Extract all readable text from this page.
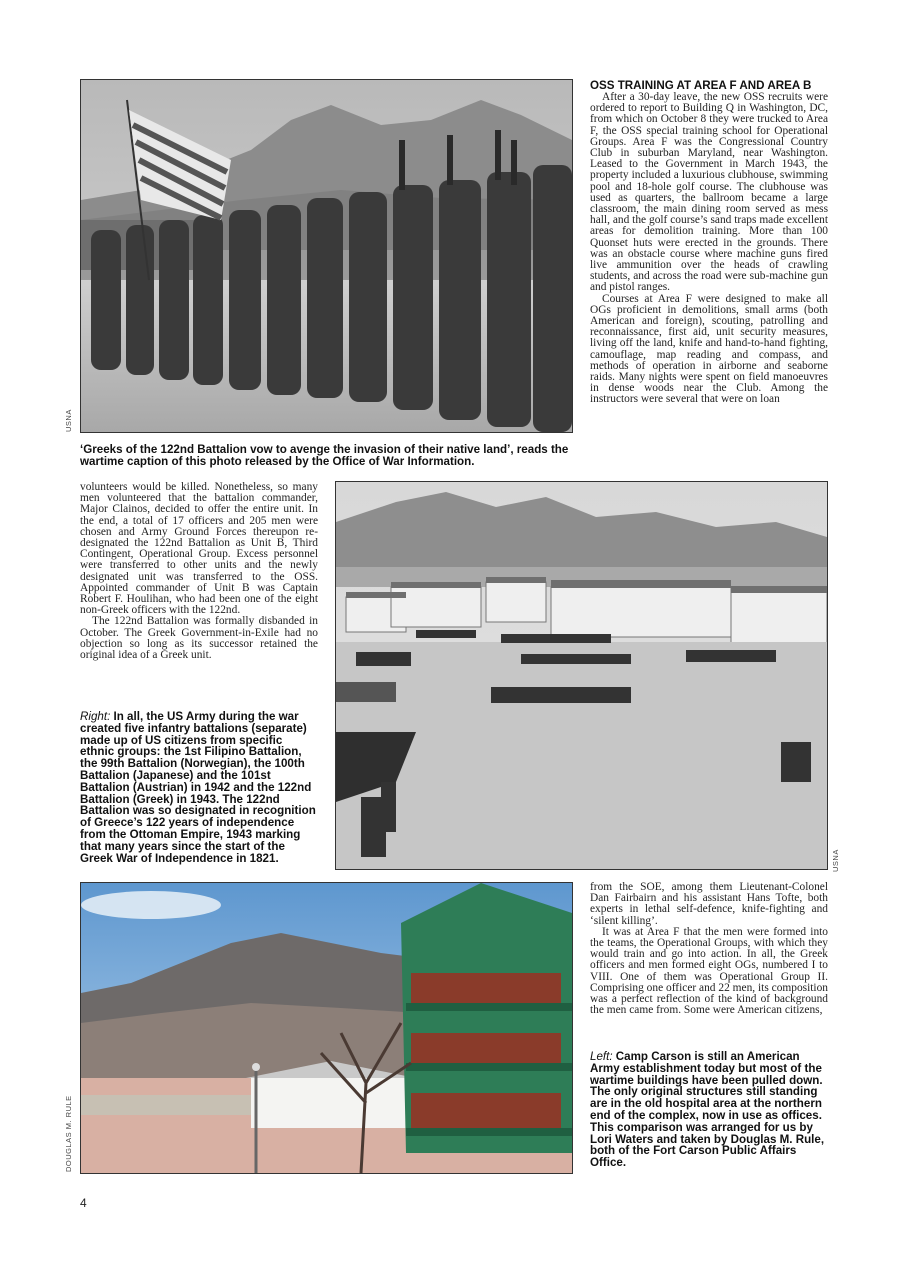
USNA
‘Greeks of the 122nd Battalion vow to avenge the invasion of their native land’, reads the wartime caption of this photo released by the Office of War Information.
OSS TRAINING AT AREA F AND AREA B

After a 30-day leave, the new OSS recruits were ordered to report to Building Q in Washington, DC, from which on October 8 they were trucked to Area F, the OSS special training school for Operational Groups. Area F was the Congressional Country Club in suburban Maryland, near Washington. Leased to the Government in March 1943, the property included a luxurious clubhouse, swimming pool and 18-hole golf course. The clubhouse was used as quarters, the ballroom became a large classroom, the main dining room served as mess hall, and the golf course’s sand traps made excellent areas for demolition training. More than 100 Quonset huts were erected in the grounds. There was an obstacle course where machine guns fired live ammunition over the heads of crawling students, and across the road were sub-machine gun and pistol ranges.

Courses at Area F were designed to make all OGs proficient in demolitions, small arms (both American and foreign), scouting, patrolling and reconnaissance, first aid, unit security measures, living off the land, knife and hand-to-hand fighting, camouflage, map reading and compass, and methods of operation in airborne and seaborne raids. Many nights were spent on field manoeuvres in dense woods near the Club. Among the instructors were several that were on loan

volunteers would be killed. Nonetheless, so many men volunteered that the battalion commander, Major Clainos, decided to offer the entire unit. In the end, a total of 17 officers and 205 men were chosen and Army Ground Forces thereupon re-designated the 122nd Battalion as Unit B, Third Contingent, Operational Group. Excess personnel were transferred to other units and the newly designated unit was transferred to the OSS. Appointed commander of Unit B was Captain Robert F. Houlihan, who had been one of the eight non-Greek officers with the 122nd.

The 122nd Battalion was formally disbanded in October. The Greek Government-in-Exile had no objection so long as its successor retained the original idea of a Greek unit.

Right: In all, the US Army during the war created five infantry battalions (separate) made up of US citizens from specific ethnic groups: the 1st Filipino Battalion, the 99th Battalion (Norwegian), the 100th Battalion (Japanese) and the 101st Battalion (Austrian) in 1942 and the 122nd Battalion (Greek) in 1943. The 122nd Battalion was so designated in recognition of Greece’s 122 years of independence from the Ottoman Empire, 1943 marking that many years since the start of the Greek War of Independence in 1821.	USNA
DOUGLAS M. RULE

from the SOE, among them Lieutenant-Colonel Dan Fairbairn and his assistant Hans Tofte, both experts in lethal self-defence, knife-fighting and ‘silent killing’.

It was at Area F that the men were formed into the teams, the Operational Groups, with which they would train and go into action. In all, the Greek officers and men formed eight OGs, numbered I to VIII. One of them was Operational Group II. Comprising one officer and 22 men, its composition was a perfect reflection of the kind of background the men came from. Some were American citizens,

Left: Camp Carson is still an American Army establishment today but most of the wartime buildings have been pulled down. The only original structures still standing are in the old hospital area at the northern end of the complex, now in use as offices. This comparison was arranged for us by Lori Waters and taken by Douglas M. Rule, both of the Fort Carson Public Affairs Office.
4
